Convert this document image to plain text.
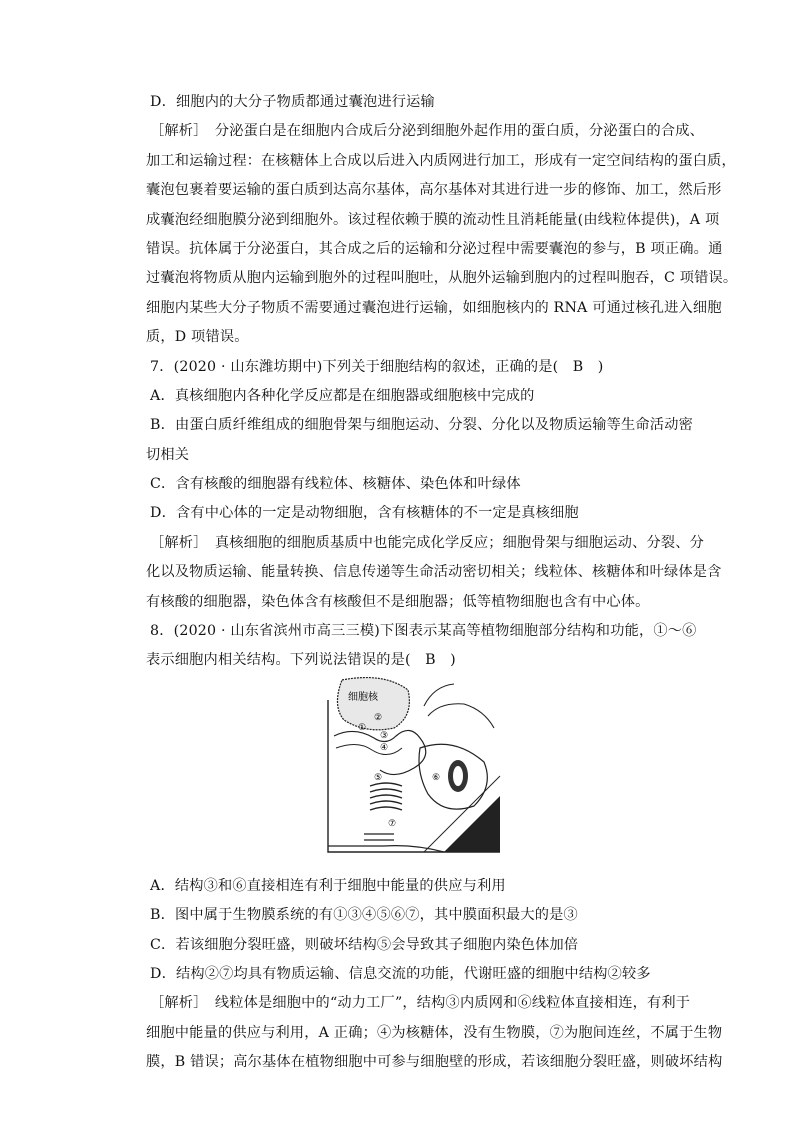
D．细胞内的大分子物质都通过囊泡进行运输
［解析］　分泌蛋白是在细胞内合成后分泌到细胞外起作用的蛋白质，分泌蛋白的合成、
加工和运输过程：在核糖体上合成以后进入内质网进行加工，形成有一定空间结构的蛋白质，
囊泡包裹着要运输的蛋白质到达高尔基体，高尔基体对其进行进一步的修饰、加工，然后形
成囊泡经细胞膜分泌到细胞外。该过程依赖于膜的流动性且消耗能量(由线粒体提供)，A 项
错误。抗体属于分泌蛋白，其合成之后的运输和分泌过程中需要囊泡的参与，B 项正确。通
过囊泡将物质从胞内运输到胞外的过程叫胞吐，从胞外运输到胞内的过程叫胞吞，C 项错误。
细胞内某些大分子物质不需要通过囊泡进行运输，如细胞核内的 RNA 可通过核孔进入细胞
质，D 项错误。
7．(2020 · 山东潍坊期中)下列关于细胞结构的叙述，正确的是(　B　)
A．真核细胞内各种化学反应都是在细胞器或细胞核中完成的
B．由蛋白质纤维组成的细胞骨架与细胞运动、分裂、分化以及物质运输等生命活动密
切相关
C．含有核酸的细胞器有线粒体、核糖体、染色体和叶绿体
D．含有中心体的一定是动物细胞，含有核糖体的不一定是真核细胞
［解析］　真核细胞的细胞质基质中也能完成化学反应；细胞骨架与细胞运动、分裂、分
化以及物质运输、能量转换、信息传递等生命活动密切相关；线粒体、核糖体和叶绿体是含
有核酸的细胞器，染色体含有核酸但不是细胞器；低等植物细胞也含有中心体。
8．(2020 · 山东省滨州市高三三模)下图表示某高等植物细胞部分结构和功能，①～⑥
表示细胞内相关结构。下列说法错误的是(　B　)
细胞核
②
①
③
④
⑤	⑥
⑦
A．结构③和⑥直接相连有利于细胞中能量的供应与利用
B．图中属于生物膜系统的有①③④⑤⑥⑦，其中膜面积最大的是③
C．若该细胞分裂旺盛，则破坏结构⑤会导致其子细胞内染色体加倍
D．结构②⑦均具有物质运输、信息交流的功能，代谢旺盛的细胞中结构②较多
［解析］　线粒体是细胞中的“动力工厂”，结构③内质网和⑥线粒体直接相连，有利于
细胞中能量的供应与利用，A 正确；④为核糖体，没有生物膜，⑦为胞间连丝，不属于生物
膜，B 错误；高尔基体在植物细胞中可参与细胞壁的形成，若该细胞分裂旺盛，则破坏结构
